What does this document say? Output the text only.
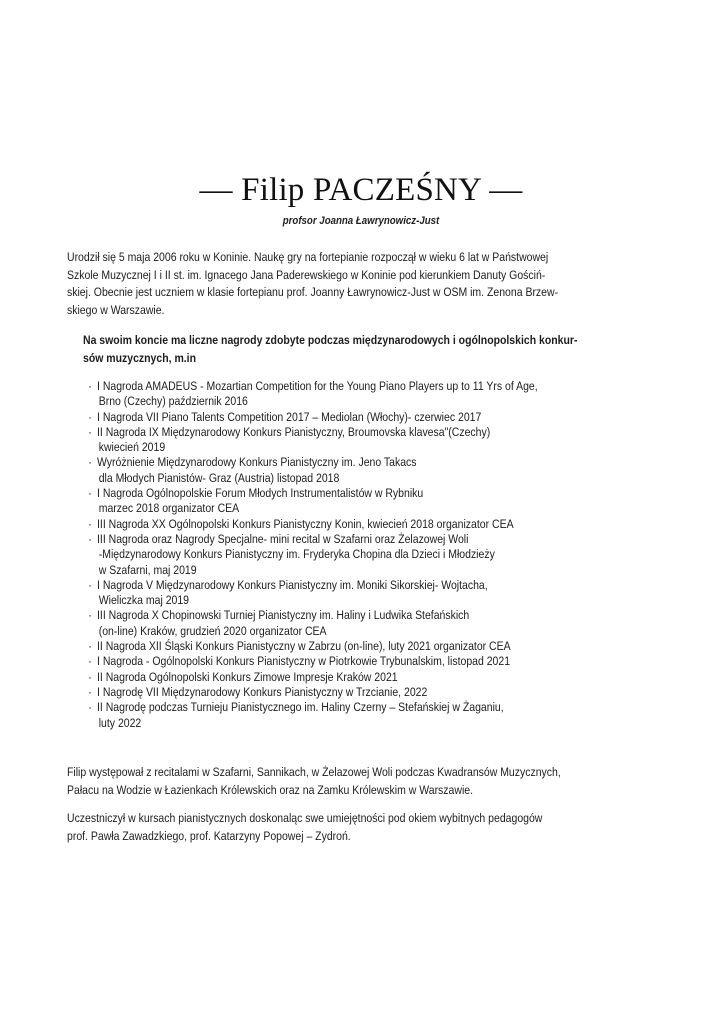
— Filip PACZEŚNY —
profsor Joanna Ławrynowicz-Just
Urodził się 5 maja 2006 roku w Koninie. Naukę gry na fortepianie rozpoczął w wieku 6 lat w Państwowej
Szkole Muzycznej I i II st. im. Ignacego Jana Paderewskiego w Koninie pod kierunkiem Danuty Gościń-
skiej. Obecnie jest uczniem w klasie fortepianu prof. Joanny Ławrynowicz-Just w OSM im. Zenona Brzew-
skiego w Warszawie.
Na swoim koncie ma liczne nagrody zdobyte podczas międzynarodowych i ogólnopolskich konkur-
sów muzycznych, m.in
· I Nagroda AMADEUS - Mozartian Competition for the Young Piano Players up to 11 Yrs of Age,
Brno (Czechy) październik 2016
· I Nagroda VII Piano Talents Competition 2017 – Mediolan (Włochy)- czerwiec 2017
· II Nagroda IX Międzynarodowy Konkurs Pianistyczny, Broumovska klavesa"(Czechy)
kwiecień 2019
· Wyróżnienie Międzynarodowy Konkurs Pianistyczny im. Jeno Takacs
dla Młodych Pianistów- Graz (Austria) listopad 2018
· I Nagroda Ogólnopolskie Forum Młodych Instrumentalistów w Rybniku
marzec 2018 organizator CEA
· III Nagroda XX Ogólnopolski Konkurs Pianistyczny Konin, kwiecień 2018 organizator CEA
· III Nagroda oraz Nagrody Specjalne- mini recital w Szafarni oraz Żelazowej Woli
-Międzynarodowy Konkurs Pianistyczny im. Fryderyka Chopina dla Dzieci i Młodzieży
w Szafarni, maj 2019
· I Nagroda V Międzynarodowy Konkurs Pianistyczny im. Moniki Sikorskiej- Wojtacha,
Wieliczka maj 2019
· III Nagroda X Chopinowski Turniej Pianistyczny im. Haliny i Ludwika Stefańskich
(on-line) Kraków, grudzień 2020 organizator CEA
· II Nagroda XII Śląski Konkurs Pianistyczny w Zabrzu (on-line), luty 2021 organizator CEA
· I Nagroda - Ogólnopolski Konkurs Pianistyczny w Piotrkowie Trybunalskim, listopad 2021
· II Nagroda Ogólnopolski Konkurs Zimowe Impresje Kraków 2021
· I Nagrodę VII Międzynarodowy Konkurs Pianistyczny w Trzcianie, 2022
· II Nagrodę podczas Turnieju Pianistycznego im. Haliny Czerny – Stefańskiej w Żaganiu,
luty 2022
Filip występował z recitalami w Szafarni, Sannikach, w Żelazowej Woli podczas Kwadransów Muzycznych,
Pałacu na Wodzie w Łazienkach Królewskich oraz na Zamku Królewskim w Warszawie.
Uczestniczył w kursach pianistycznych doskonaląc swe umiejętności pod okiem wybitnych pedagogów
prof. Pawła Zawadzkiego, prof. Katarzyny Popowej – Zydroń.
